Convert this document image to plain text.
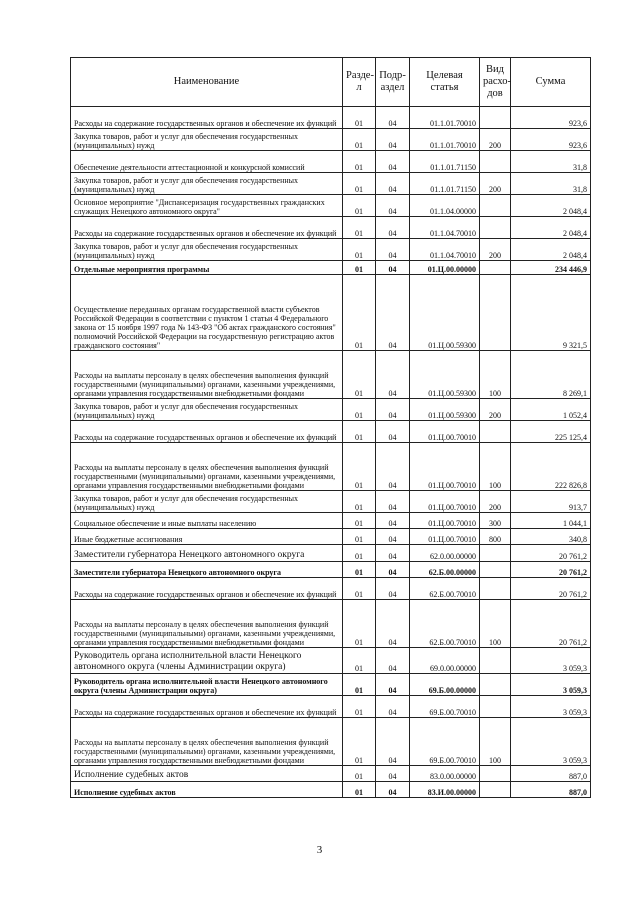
Наименование	Раздел	Подраздел	Целевая статья	Вид расходов	Сумма
Расходы на содержание государственных органов и обеспечение их функций	01	04	01.1.01.70010		923,6
Закупка товаров, работ и услуг для обеспечения государственных (муниципальных) нужд	01	04	01.1.01.70010	200	923,6
Обеспечение деятельности аттестационной и конкурсной комиссий	01	04	01.1.01.71150		31,8
Закупка товаров, работ и услуг для обеспечения государственных (муниципальных) нужд	01	04	01.1.01.71150	200	31,8
Основное мероприятие "Диспансеризация государственных гражданских служащих Ненецкого автономного округа"	01	04	01.1.04.00000		2 048,4
Расходы на содержание государственных органов и обеспечение их функций	01	04	01.1.04.70010		2 048,4
Закупка товаров, работ и услуг для обеспечения государственных (муниципальных) нужд	01	04	01.1.04.70010	200	2 048,4
Отдельные мероприятия программы	01	04	01.Ц.00.00000		234 446,9
Осуществление переданных органам государственной власти субъектов Российской Федерации в соответствии с пунктом 1 статьи 4 Федерального закона от 15 ноября 1997 года № 143-ФЗ "Об актах гражданского состояния" полномочий Российской Федерации на государственную регистрацию актов гражданского состояния"	01	04	01.Ц.00.59300		9 321,5
Расходы на выплаты персоналу в целях обеспечения выполнения функций государственными (муниципальными) органами, казенными учреждениями, органами управления государственными внебюджетными фондами	01	04	01.Ц.00.59300	100	8 269,1
Закупка товаров, работ и услуг для обеспечения государственных (муниципальных) нужд	01	04	01.Ц.00.59300	200	1 052,4
Расходы на содержание государственных органов и обеспечение их функций	01	04	01.Ц.00.70010		225 125,4
Расходы на выплаты персоналу в целях обеспечения выполнения функций государственными (муниципальными) органами, казенными учреждениями, органами управления государственными внебюджетными фондами	01	04	01.Ц.00.70010	100	222 826,8
Закупка товаров, работ и услуг для обеспечения государственных (муниципальных) нужд	01	04	01.Ц.00.70010	200	913,7
Социальное обеспечение и иные выплаты населению	01	04	01.Ц.00.70010	300	1 044,1
Иные бюджетные ассигнования	01	04	01.Ц.00.70010	800	340,8
Заместители губернатора Ненецкого автономного округа	01	04	62.0.00.00000		20 761,2
Заместители губернатора Ненецкого автономного округа	01	04	62.Б.00.00000		20 761,2
Расходы на содержание государственных органов и обеспечение их функций	01	04	62.Б.00.70010		20 761,2
Расходы на выплаты персоналу в целях обеспечения выполнения функций государственными (муниципальными) органами, казенными учреждениями, органами управления государственными внебюджетными фондами	01	04	62.Б.00.70010	100	20 761,2
Руководитель органа исполнительной власти Ненецкого автономного округа (члены Администрации округа)	01	04	69.0.00.00000		3 059,3
Руководитель органа исполнительной власти Ненецкого автономного округа (члены Администрации округа)	01	04	69.Б.00.00000		3 059,3
Расходы на содержание государственных органов и обеспечение их функций	01	04	69.Б.00.70010		3 059,3
Расходы на выплаты персоналу в целях обеспечения выполнения функций государственными (муниципальными) органами, казенными учреждениями, органами управления государственными внебюджетными фондами	01	04	69.Б.00.70010	100	3 059,3
Исполнение судебных актов	01	04	83.0.00.00000		887,0
Исполнение судебных актов	01	04	83.И.00.00000		887,0
3
